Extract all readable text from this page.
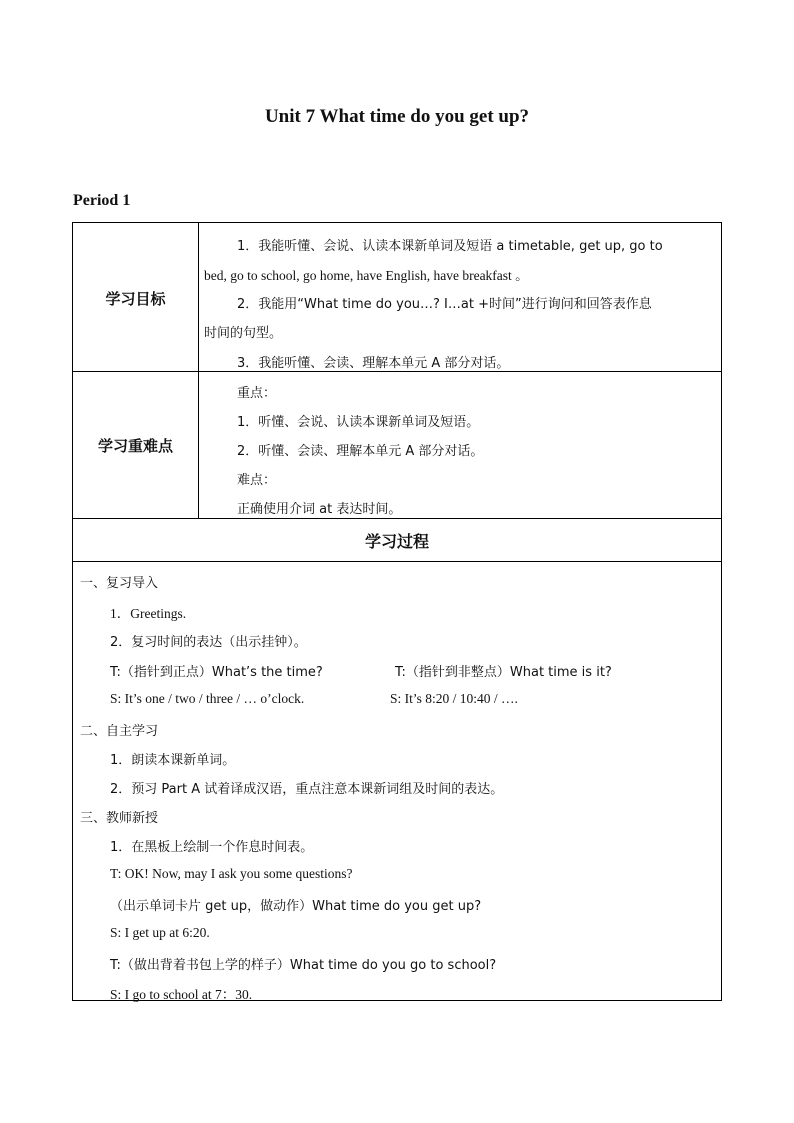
Unit 7 What time do you get up?
Period 1
学习目标
1．我能听懂、会说、认读本课新单词及短语 a timetable, get up, go to
bed, go to school, go home, have English, have breakfast 。
2．我能用“What time do you…? I…at +时间”进行询问和回答表作息
时间的句型。
3．我能听懂、会读、理解本单元 A 部分对话。
学习重难点
重点：
1．听懂、会说、认读本课新单词及短语。
2．听懂、会读、理解本单元 A 部分对话。
难点：
正确使用介词 at 表达时间。
学习过程
一、复习导入
1．Greetings.
2．复习时间的表达（出示挂钟）。
T:（指针到正点）What’s the time?	T:（指针到非整点）What time is it?
S: It’s one / two / three / … o’clock.	S: It’s 8:20 / 10:40 / ….
二、自主学习
1．朗读本课新单词。
2．预习 Part A 试着译成汉语，重点注意本课新词组及时间的表达。
三、教师新授
1．在黑板上绘制一个作息时间表。
T: OK! Now, may I ask you some questions?
（出示单词卡片 get up，做动作）What time do you get up?
S: I get up at 6:20.
T:（做出背着书包上学的样子）What time do you go to school?
S: I go to school at 7：30.
